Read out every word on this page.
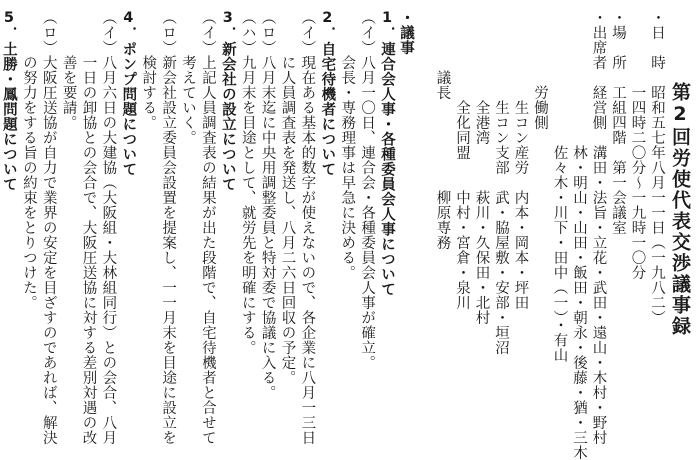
第2回労使代表交渉議事録
・日　時　昭和五七年八月一一日（一九八二）
　　　　　一四時二〇分〜一九時一〇分
・場　所　工組四階　第一会議室
・出席者　経営側　溝田・法旨・立花・武田・遠山・木村・野村
　　　　　　　　　林・明山・山田・飯田・朝永・後藤・猶・三木
　　　　　　　　　佐々木・川下・田中（一）・有山
　　　　　労働側
　　　　　　生コン産労　内本・岡本・坪田
　　　　　　生コン支部　武・脇屋敷・安部・垣沼
　　　　　　全港湾　　　萩川・久保田・北村
　　　　　　全化同盟　　中村・宮倉・泉川
　　　　議長　　　　　　柳原専務
・議事
1．連合会人事・各種委員会人事について
（イ）八月一〇日、連合会・各種委員会人事が確立。
　　　会長・専務理事は早急に決める。
2．自宅待機者について
（イ）現在ある基本的数字が使えないので、各企業に八月一三日
　　　に人員調査表を発送し、八月二六日回収の予定。
（ロ）八月末迄に中央用調整委員と特対委で協議に入る。
（ハ）九月末を目途として、就労先を明確にする。
3．新会社の設立について
（イ）上記人員調査表の結果が出た段階で、自宅待機者と合せて
　　　考えていく。
（ロ）新会社設立委員会設置を提案し、一一月末を目途に設立を
　　　検討する。
4．ポンプ問題について
（イ）八月六日の大建協（大阪組・大林組同行）との会合、八月
　　　一日の卸協との会合で、大阪圧送協に対する差別対遇の改
　　　善を要請。
（ロ）大阪圧送協が自力で業界の安定を目ざすのであれば、解決
　　　の努力をする旨の約束をとりつけた。
5．土勝・鳳問題について
